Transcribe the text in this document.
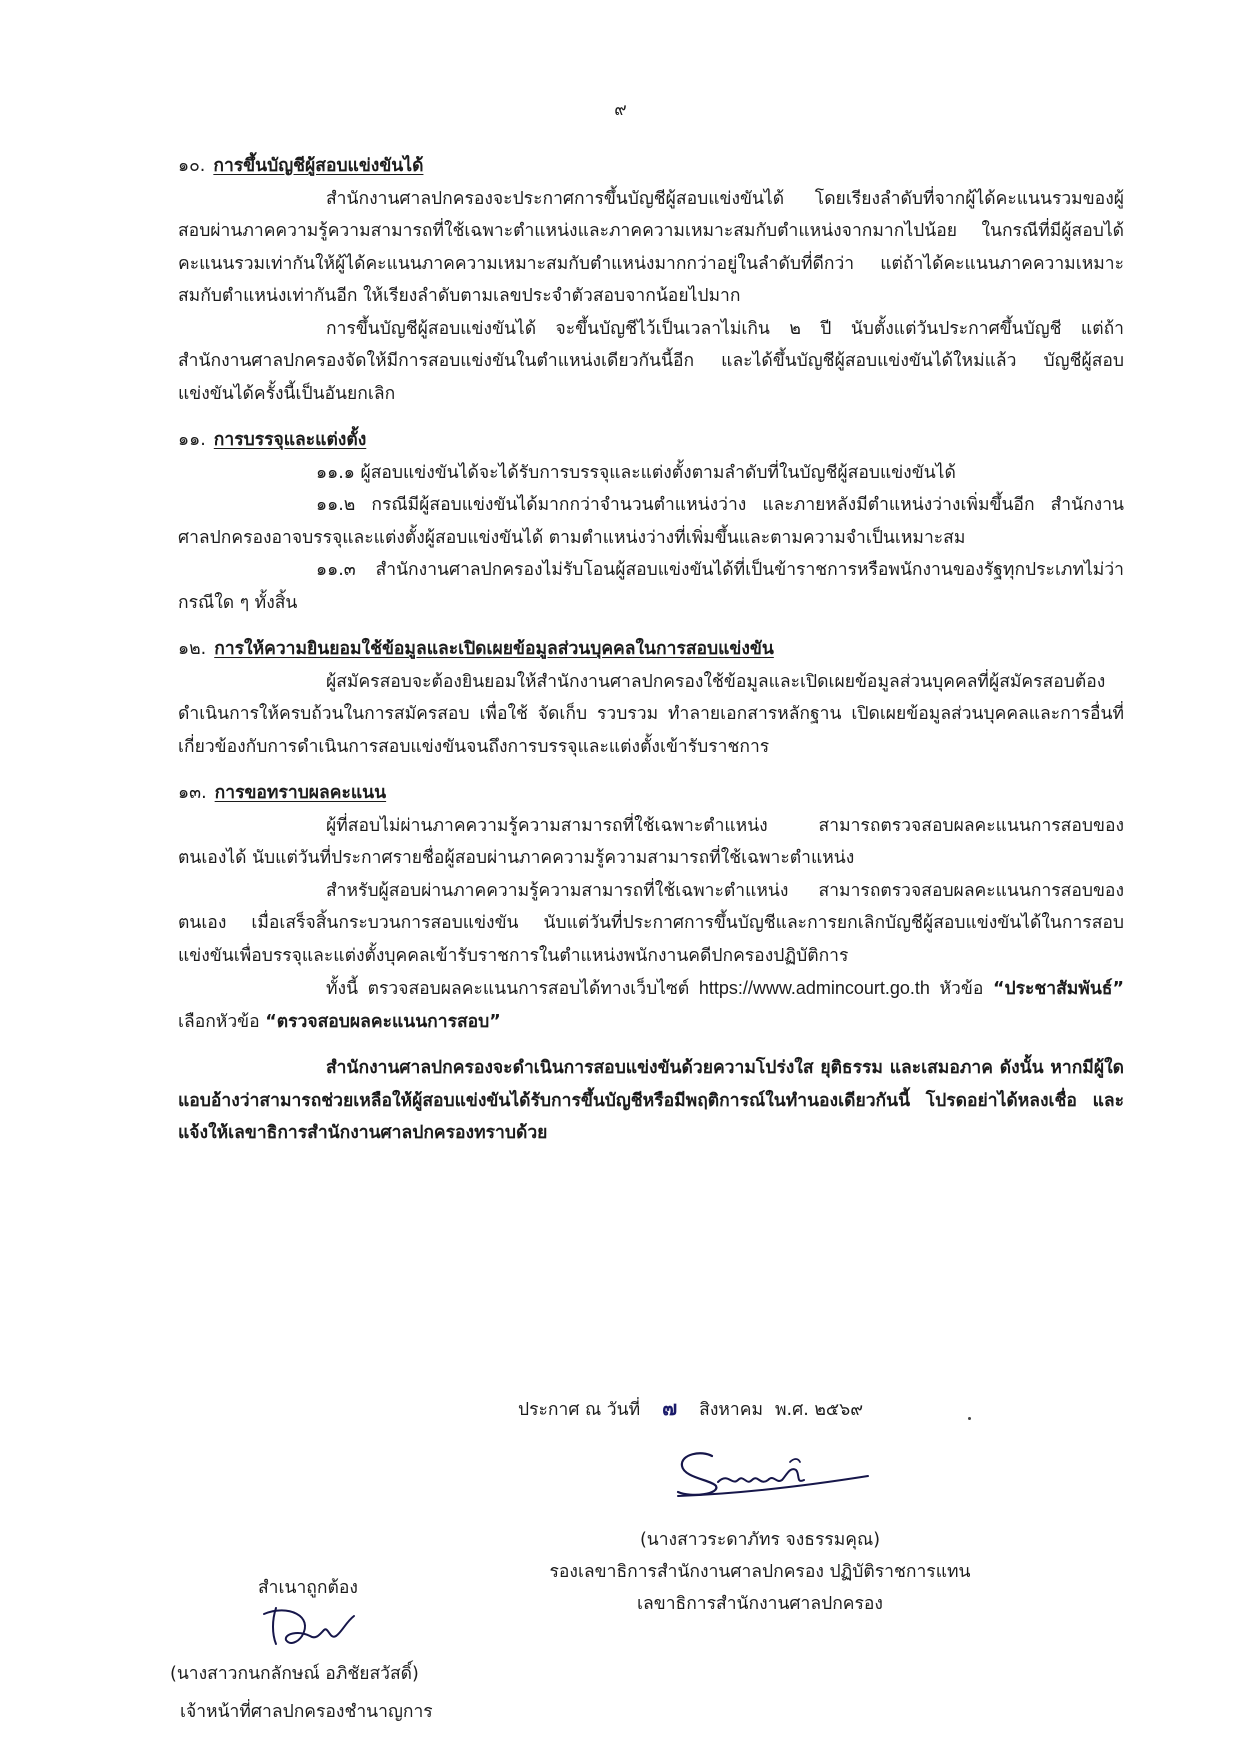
๙
๑๐. การขึ้นบัญชีผู้สอบแข่งขันได้

สำนักงานศาลปกครองจะประกาศการขึ้นบัญชีผู้สอบแข่งขันได้ โดยเรียงลำดับที่จากผู้ได้คะแนนรวมของผู้สอบผ่านภาคความรู้ความสามารถที่ใช้เฉพาะตำแหน่งและภาคความเหมาะสมกับตำแหน่งจากมากไปน้อย ในกรณีที่มีผู้สอบได้คะแนนรวมเท่ากันให้ผู้ได้คะแนนภาคความเหมาะสมกับตำแหน่งมากกว่าอยู่ในลำดับที่ดีกว่า แต่ถ้าได้คะแนนภาคความเหมาะสมกับตำแหน่งเท่ากันอีก ให้เรียงลำดับตามเลขประจำตัวสอบจากน้อยไปมาก

การขึ้นบัญชีผู้สอบแข่งขันได้ จะขึ้นบัญชีไว้เป็นเวลาไม่เกิน ๒ ปี นับตั้งแต่วันประกาศขึ้นบัญชี แต่ถ้าสำนักงานศาลปกครองจัดให้มีการสอบแข่งขันในตำแหน่งเดียวกันนี้อีก และได้ขึ้นบัญชีผู้สอบแข่งขันได้ใหม่แล้ว บัญชีผู้สอบแข่งขันได้ครั้งนี้เป็นอันยกเลิก

๑๑. การบรรจุและแต่งตั้ง

๑๑.๑ ผู้สอบแข่งขันได้จะได้รับการบรรจุและแต่งตั้งตามลำดับที่ในบัญชีผู้สอบแข่งขันได้

๑๑.๒ กรณีมีผู้สอบแข่งขันได้มากกว่าจำนวนตำแหน่งว่าง และภายหลังมีตำแหน่งว่างเพิ่มขึ้นอีก สำนักงานศาลปกครองอาจบรรจุและแต่งตั้งผู้สอบแข่งขันได้ ตามตำแหน่งว่างที่เพิ่มขึ้นและตามความจำเป็นเหมาะสม

๑๑.๓ สำนักงานศาลปกครองไม่รับโอนผู้สอบแข่งขันได้ที่เป็นข้าราชการหรือพนักงานของรัฐทุกประเภทไม่ว่ากรณีใด ๆ ทั้งสิ้น

๑๒. การให้ความยินยอมใช้ข้อมูลและเปิดเผยข้อมูลส่วนบุคคลในการสอบแข่งขัน

ผู้สมัครสอบจะต้องยินยอมให้สำนักงานศาลปกครองใช้ข้อมูลและเปิดเผยข้อมูลส่วนบุคคลที่ผู้สมัครสอบต้องดำเนินการให้ครบถ้วนในการสมัครสอบ เพื่อใช้ จัดเก็บ รวบรวม ทำลายเอกสารหลักฐาน เปิดเผยข้อมูลส่วนบุคคลและการอื่นที่เกี่ยวข้องกับการดำเนินการสอบแข่งขันจนถึงการบรรจุและแต่งตั้งเข้ารับราชการ

๑๓. การขอทราบผลคะแนน

ผู้ที่สอบไม่ผ่านภาคความรู้ความสามารถที่ใช้เฉพาะตำแหน่ง สามารถตรวจสอบผลคะแนนการสอบของตนเองได้ นับแต่วันที่ประกาศรายชื่อผู้สอบผ่านภาคความรู้ความสามารถที่ใช้เฉพาะตำแหน่ง

สำหรับผู้สอบผ่านภาคความรู้ความสามารถที่ใช้เฉพาะตำแหน่ง สามารถตรวจสอบผลคะแนนการสอบของตนเอง เมื่อเสร็จสิ้นกระบวนการสอบแข่งขัน นับแต่วันที่ประกาศการขึ้นบัญชีและการยกเลิกบัญชีผู้สอบแข่งขันได้ในการสอบแข่งขันเพื่อบรรจุและแต่งตั้งบุคคลเข้ารับราชการในตำแหน่งพนักงานคดีปกครองปฏิบัติการ

ทั้งนี้ ตรวจสอบผลคะแนนการสอบได้ทางเว็บไซต์ https://www.admincourt.go.th หัวข้อ “ประชาสัมพันธ์” เลือกหัวข้อ “ตรวจสอบผลคะแนนการสอบ”

สำนักงานศาลปกครองจะดำเนินการสอบแข่งขันด้วยความโปร่งใส ยุติธรรม และเสมอภาค ดังนั้น หากมีผู้ใดแอบอ้างว่าสามารถช่วยเหลือให้ผู้สอบแข่งขันได้รับการขึ้นบัญชีหรือมีพฤติการณ์ในทำนองเดียวกันนี้ โปรดอย่าได้หลงเชื่อ และแจ้งให้เลขาธิการสำนักงานศาลปกครองทราบด้วย

ประกาศ ณ วันที่ ๗ สิงหาคม พ.ศ. ๒๕๖๙
(นางสาวระดาภัทร จงธรรมคุณ)
รองเลขาธิการสำนักงานศาลปกครอง ปฏิบัติราชการแทน
เลขาธิการสำนักงานศาลปกครอง
สำเนาถูกต้อง
(นางสาวกนกลักษณ์ อภิชัยสวัสดิ์)
เจ้าหน้าที่ศาลปกครองชำนาญการ
